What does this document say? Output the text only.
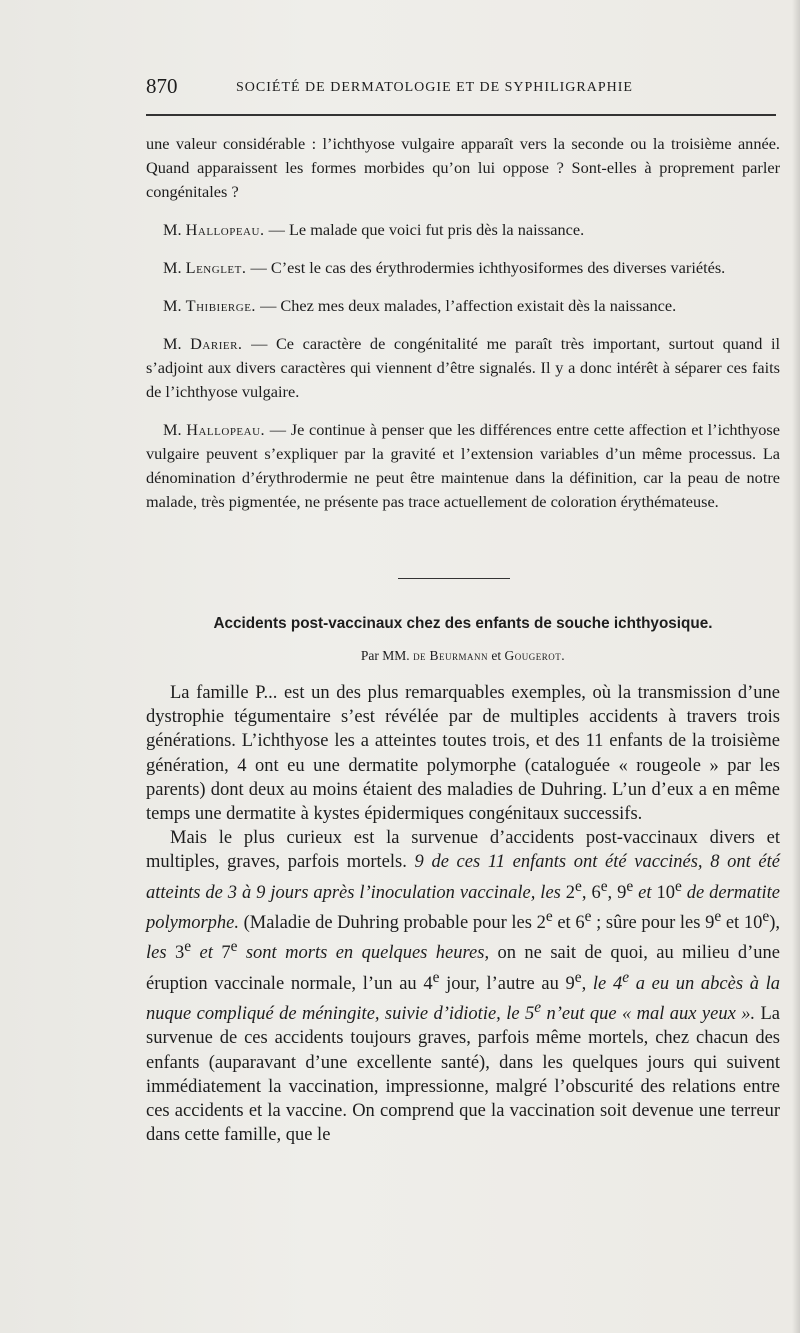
870	SOCIÉTÉ DE DERMATOLOGIE ET DE SYPHILIGRAPHIE

une valeur considérable : l’ichthyose vulgaire apparaît vers la seconde ou la troisième année. Quand apparaissent les formes morbides qu’on lui oppose ? Sont-elles à proprement parler congénitales ?

M. Hallopeau. — Le malade que voici fut pris dès la naissance.

M. Lenglet. — C’est le cas des érythrodermies ichthyosiformes des diverses variétés.

M. Thibierge. — Chez mes deux malades, l’affection existait dès la naissance.

M. Darier. — Ce caractère de congénitalité me paraît très important, surtout quand il s’adjoint aux divers caractères qui viennent d’être signalés. Il y a donc intérêt à séparer ces faits de l’ichthyose vulgaire.

M. Hallopeau. — Je continue à penser que les différences entre cette affection et l’ichthyose vulgaire peuvent s’expliquer par la gravité et l’extension variables d’un même processus. La dénomination d’érythrodermie ne peut être maintenue dans la définition, car la peau de notre malade, très pigmentée, ne présente pas trace actuellement de coloration érythémateuse.

Accidents post-vaccinaux chez des enfants de souche ichthyosique.
Par MM. de Beurmann et Gougerot.

La famille P... est un des plus remarquables exemples, où la transmission d’une dystrophie tégumentaire s’est révélée par de multiples accidents à travers trois générations. L’ichthyose les a atteintes toutes trois, et des 11 enfants de la troisième génération, 4 ont eu une dermatite polymorphe (cataloguée « rougeole » par les parents) dont deux au moins étaient des maladies de Duhring. L’un d’eux a en même temps une dermatite à kystes épidermiques congénitaux successifs.

Mais le plus curieux est la survenue d’accidents post-vaccinaux divers et multiples, graves, parfois mortels. 9 de ces 11 enfants ont été vaccinés, 8 ont été atteints de 3 à 9 jours après l’inoculation vaccinale, les 2e, 6e, 9e et 10e de dermatite polymorphe. (Maladie de Duhring probable pour les 2e et 6e ; sûre pour les 9e et 10e), les 3e et 7e sont morts en quelques heures, on ne sait de quoi, au milieu d’une éruption vaccinale normale, l’un au 4e jour, l’autre au 9e, le 4e a eu un abcès à la nuque compliqué de méningite, suivie d’idiotie, le 5e n’eut que « mal aux yeux ». La survenue de ces accidents toujours graves, parfois même mortels, chez chacun des enfants (auparavant d’une excellente santé), dans les quelques jours qui suivent immédiatement la vaccination, impressionne, malgré l’obscurité des relations entre ces accidents et la vaccine. On comprend que la vaccination soit devenue une terreur dans cette famille, que le
